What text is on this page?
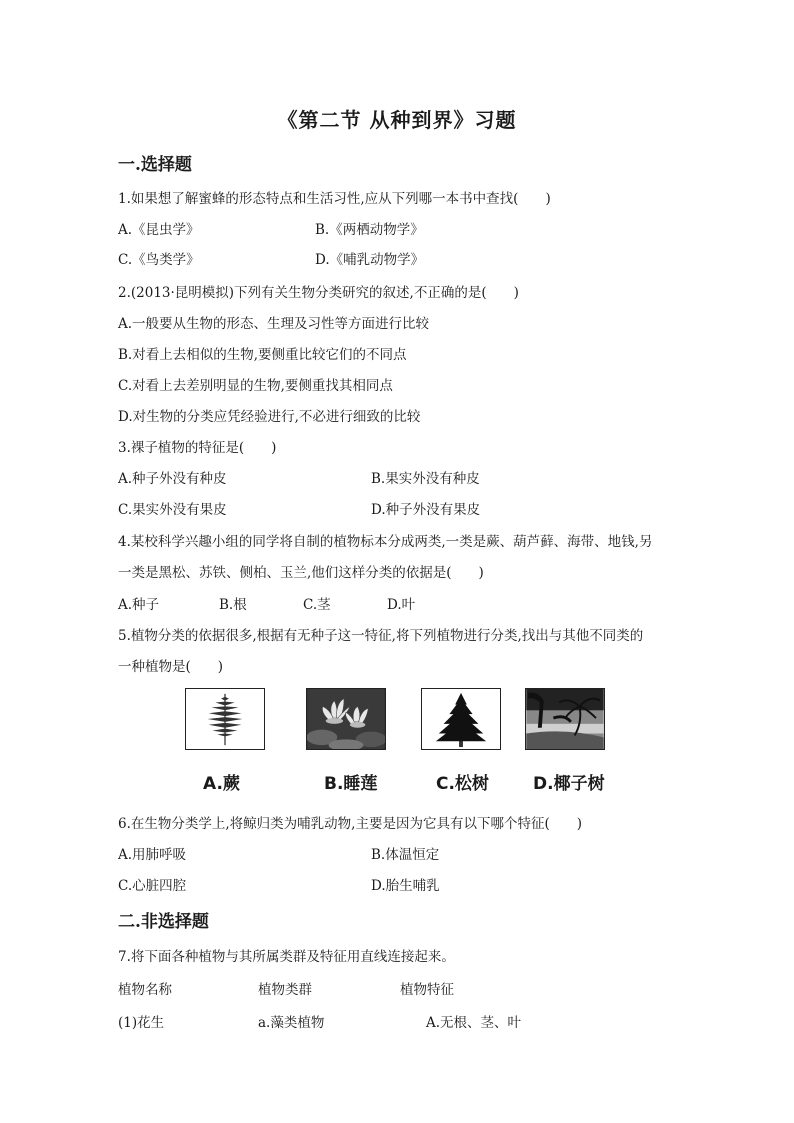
《第二节 从种到界》习题
一.选择题
1.如果想了解蜜蜂的形态特点和生活习性,应从下列哪一本书中查找(　　)
A.《昆虫学》	B.《两栖动物学》
C.《鸟类学》	D.《哺乳动物学》
2.(2013·昆明模拟)下列有关生物分类研究的叙述,不正确的是(　　)
A.一般要从生物的形态、生理及习性等方面进行比较
B.对看上去相似的生物,要侧重比较它们的不同点
C.对看上去差别明显的生物,要侧重找其相同点
D.对生物的分类应凭经验进行,不必进行细致的比较
3.裸子植物的特征是(　　)
A.种子外没有种皮	B.果实外没有种皮
C.果实外没有果皮	D.种子外没有果皮
4.某校科学兴趣小组的同学将自制的植物标本分成两类,一类是蕨、葫芦藓、海带、地钱,另
一类是黑松、苏铁、侧柏、玉兰,他们这样分类的依据是(　　)
A.种子	B.根	C.茎	D.叶
5.植物分类的依据很多,根据有无种子这一特征,将下列植物进行分类,找出与其他不同类的
一种植物是(　　)
A.蕨	B.睡莲	C.松树	D.椰子树
6.在生物分类学上,将鲸归类为哺乳动物,主要是因为它具有以下哪个特征(　　)
A.用肺呼吸	B.体温恒定
C.心脏四腔	D.胎生哺乳
二.非选择题
7.将下面各种植物与其所属类群及特征用直线连接起来。
植物名称	植物类群	植物特征
(1)花生	a.藻类植物	A.无根、茎、叶
